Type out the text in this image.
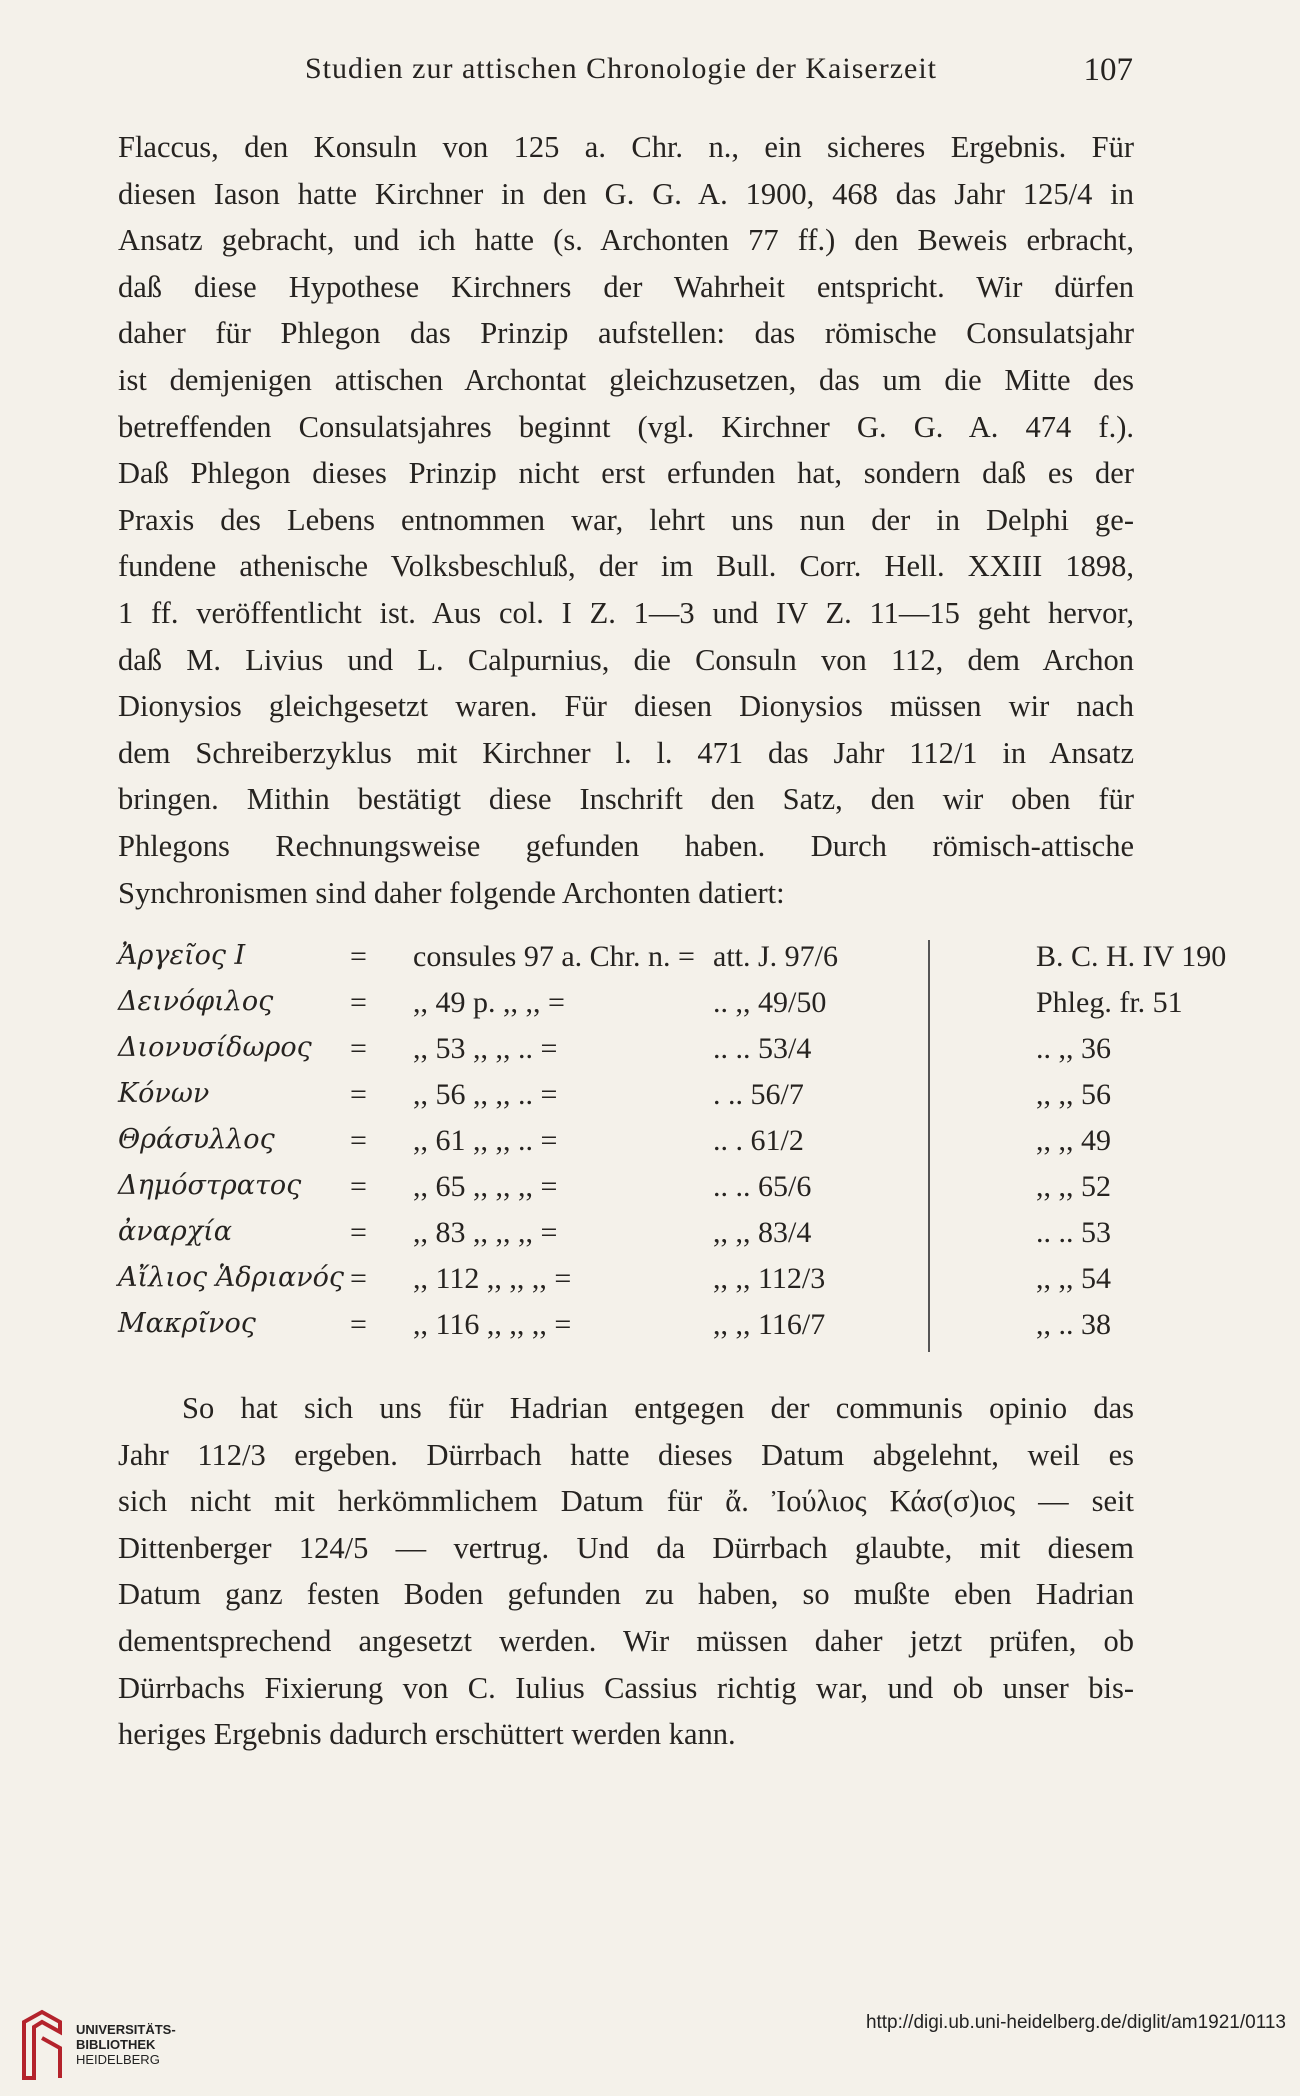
Studien zur attischen Chronologie der Kaiserzeit	107
Flaccus, den Konsuln von 125 a. Chr. n., ein sicheres Ergebnis. Für
diesen Iason hatte Kirchner in den G. G. A. 1900, 468 das Jahr 125/4 in
Ansatz gebracht, und ich hatte (s. Archonten 77 ff.) den Beweis erbracht,
daß diese Hypothese Kirchners der Wahrheit entspricht. Wir dürfen
daher für Phlegon das Prinzip aufstellen: das römische Consulatsjahr
ist demjenigen attischen Archontat gleichzusetzen, das um die Mitte des
betreffenden Consulatsjahres beginnt (vgl. Kirchner G. G. A. 474 f.).
Daß Phlegon dieses Prinzip nicht erst erfunden hat, sondern daß es der
Praxis des Lebens entnommen war, lehrt uns nun der in Delphi ge-
fundene athenische Volksbeschluß, der im Bull. Corr. Hell. XXIII 1898,
1 ff. veröffentlicht ist. Aus col. I Z. 1—3 und IV Z. 11—15 geht hervor,
daß M. Livius und L. Calpurnius, die Consuln von 112, dem Archon
Dionysios gleichgesetzt waren. Für diesen Dionysios müssen wir nach
dem Schreiberzyklus mit Kirchner l. l. 471 das Jahr 112/1 in Ansatz
bringen. Mithin bestätigt diese Inschrift den Satz, den wir oben für
Phlegons Rechnungsweise gefunden haben. Durch römisch-attische
Synchronismen sind daher folgende Archonten datiert:
Ἀργεῖος I	= consules 97 a. Chr. n. = att. J. 97/6	B. C. H. IV 190
Δεινόφιλος	= ,, 49 p. ,, ,, =	.. ,, 49/50	Phleg. fr. 51
Διονυσίδωρος = ,, 53 ,, ,, .. =	.. .. 53/4	.. ,, 36
Κόνων	= ,, 56 ,, ,, .. =	. .. 56/7	,, ,, 56
Θράσυλλος	= ,, 61 ,, ,, .. =	.. . 61/2	,, ,, 49
Δημόστρατος = ,, 65 ,, ,, ,, =	.. .. 65/6	,, ,, 52
ἀναρχία	= ,, 83 ,, ,, ,, =	,, ,, 83/4	.. .. 53
Αἴλιος Ἁδριανός = ,, 112 ,, ,, ,, =	,, ,, 112/3	,, ,, 54
Μακρῖνος	= ,, 116 ,, ,, ,, =	,, ,, 116/7	,, .. 38
So hat sich uns für Hadrian entgegen der communis opinio das
Jahr 112/3 ergeben. Dürrbach hatte dieses Datum abgelehnt, weil es
sich nicht mit herkömmlichem Datum für ἄ. Ἰούλιος Κάσ(σ)ιος — seit
Dittenberger 124/5 — vertrug. Und da Dürrbach glaubte, mit diesem
Datum ganz festen Boden gefunden zu haben, so mußte eben Hadrian
dementsprechend angesetzt werden. Wir müssen daher jetzt prüfen, ob
Dürrbachs Fixierung von C. Iulius Cassius richtig war, und ob unser bis-
heriges Ergebnis dadurch erschüttert werden kann.
UNIVERSITÄTS-
BIBLIOTHEK
HEIDELBERG
http://digi.ub.uni-heidelberg.de/diglit/am1921/0113
